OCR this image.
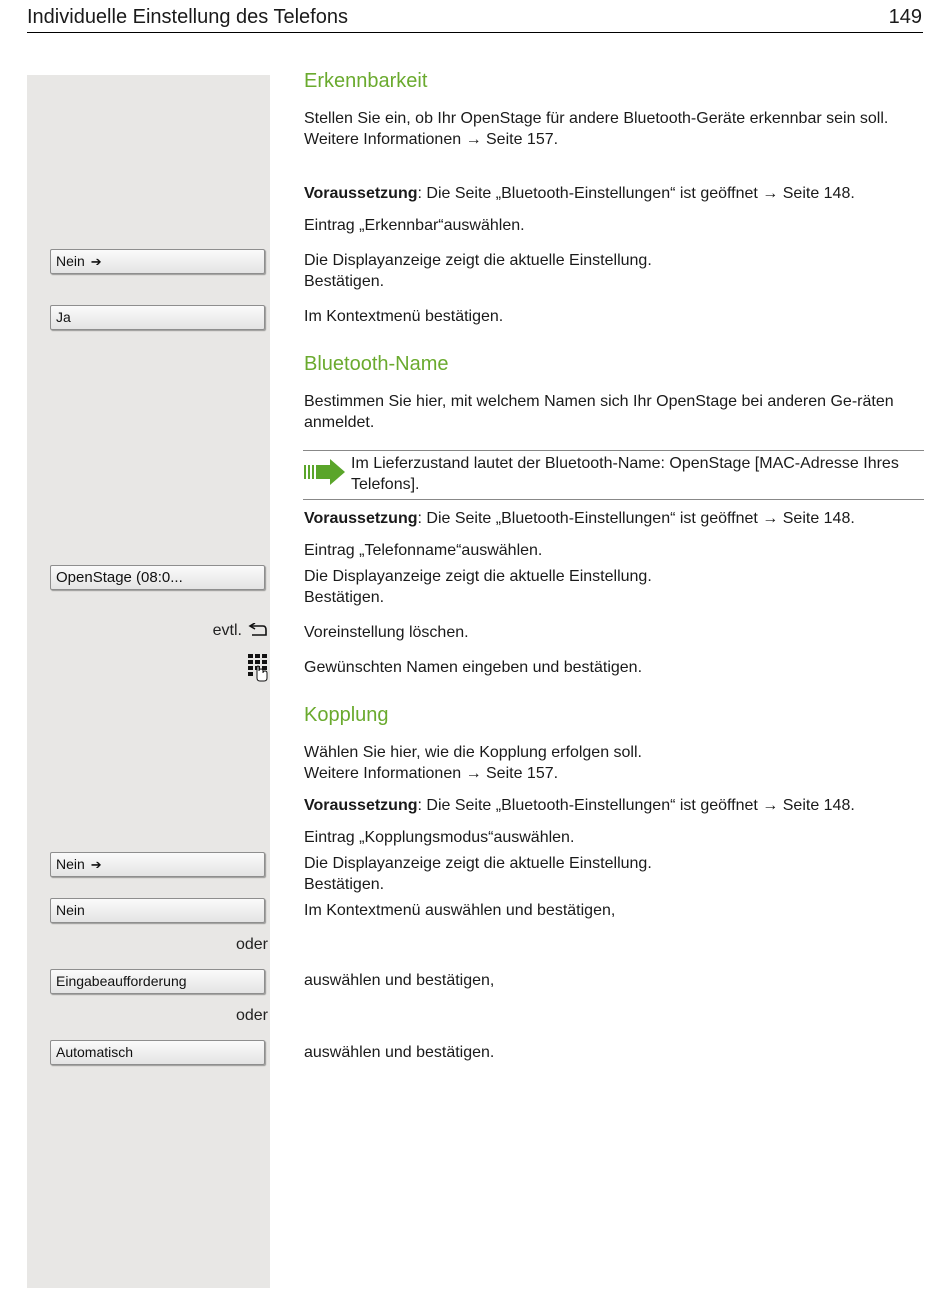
Individuelle Einstellung des Telefons	149
Nein ➔
Ja
OpenStage (08:0...
Nein ➔
Nein
Eingabeaufforderung
Automatisch
evtl.
oder
oder
Erkennbarkeit
Stellen Sie ein, ob Ihr OpenStage für andere Bluetooth-Geräte erkennbar sein soll.
Weitere Informationen → Seite 157.
Voraussetzung: Die Seite „Bluetooth-Einstellungen“ ist geöffnet → Seite 148.
Eintrag „Erkennbar“auswählen.
Die Displayanzeige zeigt die aktuelle Einstellung.
Bestätigen.
Im Kontextmenü bestätigen.
Bluetooth-Name
Bestimmen Sie hier, mit welchem Namen sich Ihr OpenStage bei anderen Ge-räten anmeldet.
Im Lieferzustand lautet der Bluetooth-Name: OpenStage [MAC-Adresse Ihres Telefons].
Voraussetzung: Die Seite „Bluetooth-Einstellungen“ ist geöffnet → Seite 148.
Eintrag „Telefonname“auswählen.
Die Displayanzeige zeigt die aktuelle Einstellung.
Bestätigen.
Voreinstellung löschen.
Gewünschten Namen eingeben und bestätigen.
Kopplung
Wählen Sie hier, wie die Kopplung erfolgen soll.
Weitere Informationen → Seite 157.
Voraussetzung: Die Seite „Bluetooth-Einstellungen“ ist geöffnet → Seite 148.
Eintrag „Kopplungsmodus“auswählen.
Die Displayanzeige zeigt die aktuelle Einstellung.
Bestätigen.
Im Kontextmenü auswählen und bestätigen,
auswählen und bestätigen,
auswählen und bestätigen.
